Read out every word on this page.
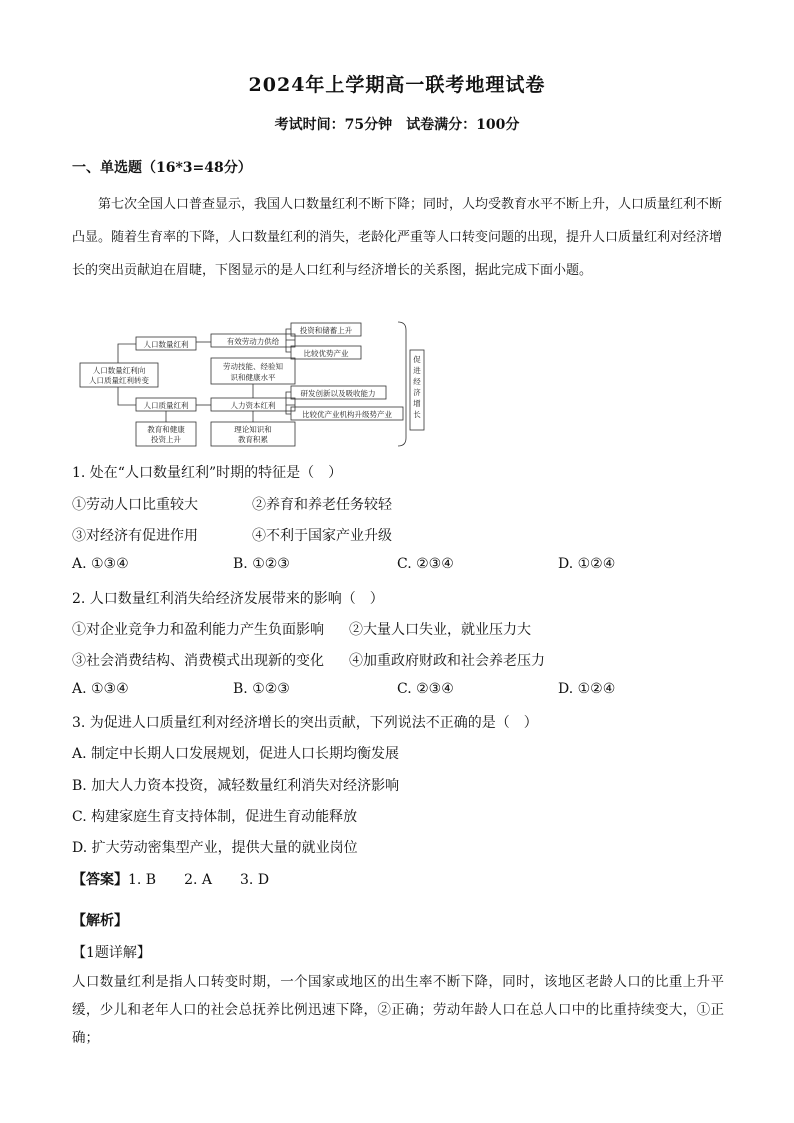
2024年上学期高一联考地理试卷
考试时间：75分钟　试卷满分：100分
一、单选题（16*3=48分）
第七次全国人口普查显示，我国人口数量红利不断下降；同时，人均受教育水平不断上升，人口质量红利不断凸显。随着生育率的下降，人口数量红利的消失，老龄化严重等人口转变问题的出现，提升人口质量红利对经济增长的突出贡献迫在眉睫，下图显示的是人口红利与经济增长的关系图，据此完成下面小题。
人口数量红利向
人口质量红利转变
人口数量红利
人口质量红利
有效劳动力供给
劳动技能、经验知
识和健康水平
人力资本红利
教育和健康
投资上升
理论知识和
教育积累
投资和储蓄上升
比较优势产业
研发创新以及吸收能力
比较优产业机构升级势产业
促进经济增长
1. 处在“人口数量红利”时期的特征是（　）
①劳动人口比重较大	②养育和养老任务较轻
③对经济有促进作用	④不利于国家产业升级
A. ①③④	B. ①②③	C. ②③④	D. ①②④
2. 人口数量红利消失给经济发展带来的影响（　）
①对企业竞争力和盈利能力产生负面影响 ②大量人口失业，就业压力大
③社会消费结构、消费模式出现新的变化 ④加重政府财政和社会养老压力
A. ①③④	B. ①②③	C. ②③④	D. ①②④
3. 为促进人口质量红利对经济增长的突出贡献，下列说法不正确的是（　）
A. 制定中长期人口发展规划，促进人口长期均衡发展
B. 加大人力资本投资，减轻数量红利消失对经济影响
C. 构建家庭生育支持体制，促进生育动能释放
D. 扩大劳动密集型产业，提供大量的就业岗位
【答案】1. B　　2. A　　3. D
【解析】
【1题详解】
人口数量红利是指人口转变时期，一个国家或地区的出生率不断下降，同时，该地区老龄人口的比重上升平缓，少儿和老年人口的社会总抚养比例迅速下降，②正确；劳动年龄人口在总人口中的比重持续变大，①正确；
